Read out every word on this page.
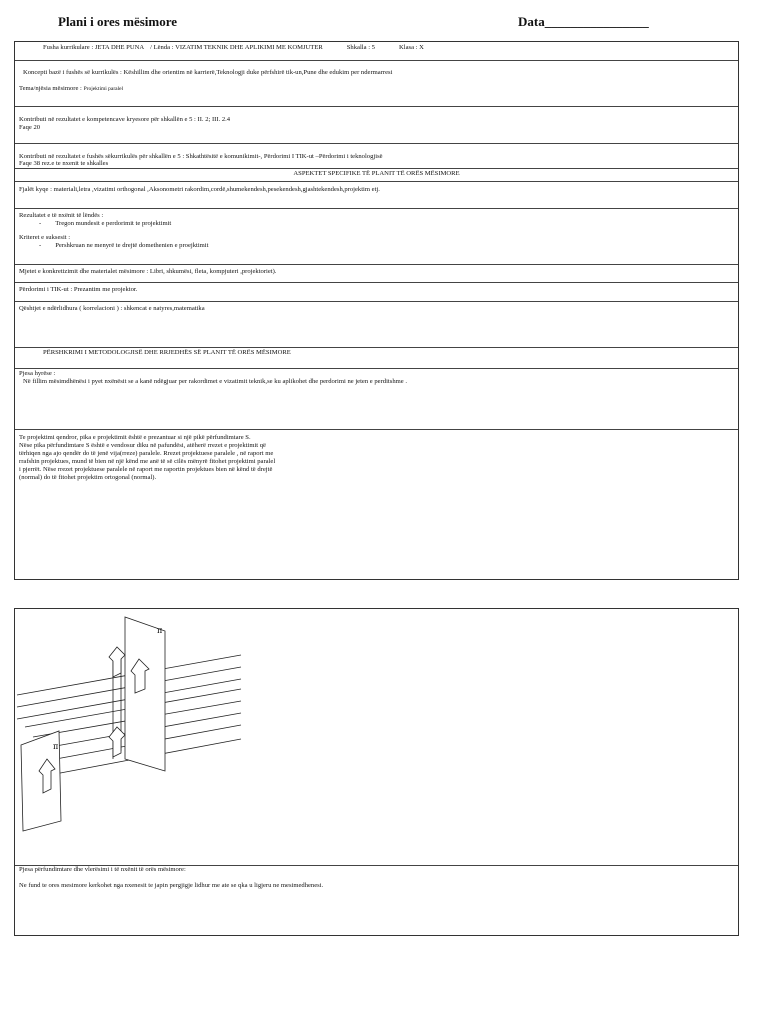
Plani i ores mësimore	Data________________
Fusha kurrikulare : JETA DHE PUNA / Lënda : VIZATIM TEKNIK DHE APLIKIMI ME KOMJUTER	Shkalla : 5	Klasa : X
Koncepti bazë i fushës së kurrikulës : Këshillim dhe orientim në karrierë,Teknologji duke përfshirë tik-un,Pune dhe edukim per ndermarresi
Tema/njësia mësimore : Projektimi paralel
Kontributi në rezultatet e kompetencave kryesore për shkallën e 5 : II. 2; III. 2.4
Faqe 20
Kontributi në rezultatet e fushës sëkurrikulës për shkallën e 5 : Shkathtësitë e komunikimit-, Përdorimi I TIK-ut –Përdorimi i teknologjisë
Faqe 38 rez.e te nxenit te shkalles
ASPEKTET SPECIFIKE TË PLANIT TË ORËS MËSIMORE
Fjalët kyqe : materiali,letra ,vizatimi orthogonal ,Aksonometri rakordim,cordë,shumekendesh,pesekendesh,gjashtekendesh,projektim etj.
Rezultatet e të nxënit të lëndës :
- Tregon mundesit e perdorimit te projektimit
Kriteret e suksesit :
- Pershkruan ne menyrë te drejtë domethenien e proejktimit
Mjetet e konkretizimit dhe materialet mësimore : Libri, shkumësi, fleta, kompjuteri ,projektoriet).
Përdorimi i TIK-ut : Prezantim me projektor.
Qështjet e ndërlidhura ( korrelacioni ) : shkencat e natyres,matematika
PËRSHKRIMI I METODOLOGJISË DHE RRJEDHËS SË PLANIT TË ORËS MËSIMORE
Pjesa hyrëse :
Në fillim mësimdhënësi i pyet nxënësit se a kanë ndëgjuar per rakordimet e vizatimit teknik,se ku aplikohet dhe perdorimi ne jeten e perditshme .
Te projektimi qendror, pika e projektimit është e prezantuar si një pikë përfundimtare S.
Nëse pika përfundimtare S është e vendosur diku në pafundësi, atëherë rrezet e projektimit që
tërhiqen nga ajo qendër do të jenë vija(rreze) paralele. Rrezet projektuese paralele , në raport me
rrafshin projektues, mund të bien në një kënd me anë të së cilës mënyrë fitohet projektimi paralel
i pjerrët. Nëse rrezet projektuese paralele në raport me raportin projektues bien në kënd të drejtë
(normal) do të fitohet projektim ortogonal (normal).
π
π
Pjesa përfundimtare dhe vlerësimi i të nxënit të orës mësimore:
Ne fund te ores mesimore kerkohet nga nxenesit te japin pergjigje lidhur me ate se qka u ligjeru ne mesimedhenesi.
